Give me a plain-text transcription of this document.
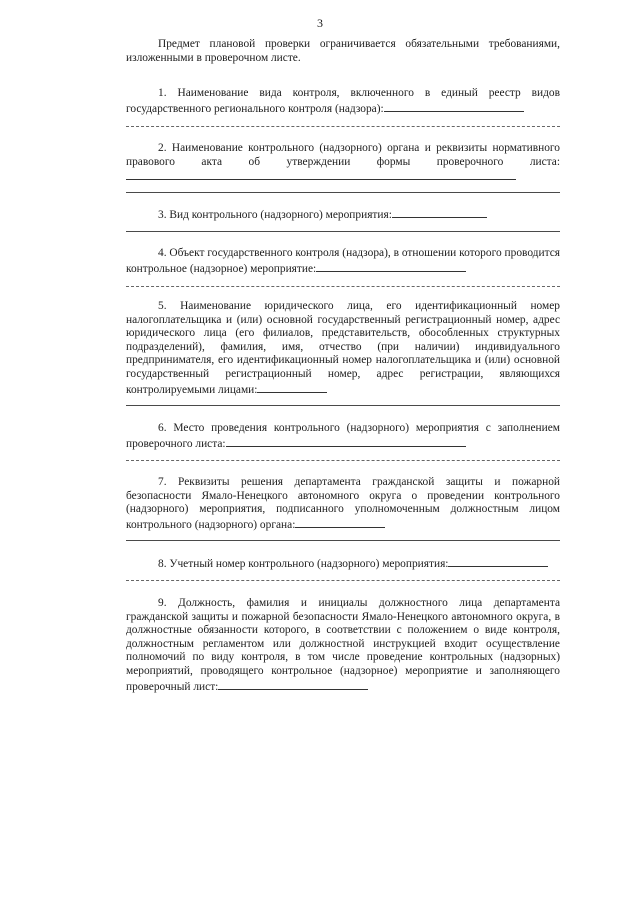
3

Предмет плановой проверки ограничивается обязательными требованиями, изложенными в проверочном листе.

1. Наименование вида контроля, включенного в единый реестр видов государственного регионального контроля (надзора):

2. Наименование контрольного (надзорного) органа и реквизиты нормативного правового акта об утверждении формы проверочного листа:

3. Вид контрольного (надзорного) мероприятия:

4. Объект государственного контроля (надзора), в отношении которого проводится контрольное (надзорное) мероприятие:

5. Наименование юридического лица, его идентификационный номер налогоплательщика и (или) основной государственный регистрационный номер, адрес юридического лица (его филиалов, представительств, обособленных структурных подразделений), фамилия, имя, отчество (при наличии) индивидуального предпринимателя, его идентификационный номер налогоплательщика и (или) основной государственный регистрационный номер, адрес регистрации, являющихся контролируемыми лицами:

6. Место проведения контрольного (надзорного) мероприятия с заполнением проверочного листа:

7. Реквизиты решения департамента гражданской защиты и пожарной безопасности Ямало-Ненецкого автономного округа о проведении контрольного (надзорного) мероприятия, подписанного уполномоченным должностным лицом контрольного (надзорного) органа:

8. Учетный номер контрольного (надзорного) мероприятия:

9. Должность, фамилия и инициалы должностного лица департамента гражданской защиты и пожарной безопасности Ямало-Ненецкого автономного округа, в должностные обязанности которого, в соответствии с положением о виде контроля, должностным регламентом или должностной инструкцией входит осуществление полномочий по виду контроля, в том числе проведение контрольных (надзорных) мероприятий, проводящего контрольное (надзорное) мероприятие и заполняющего проверочный лист:
